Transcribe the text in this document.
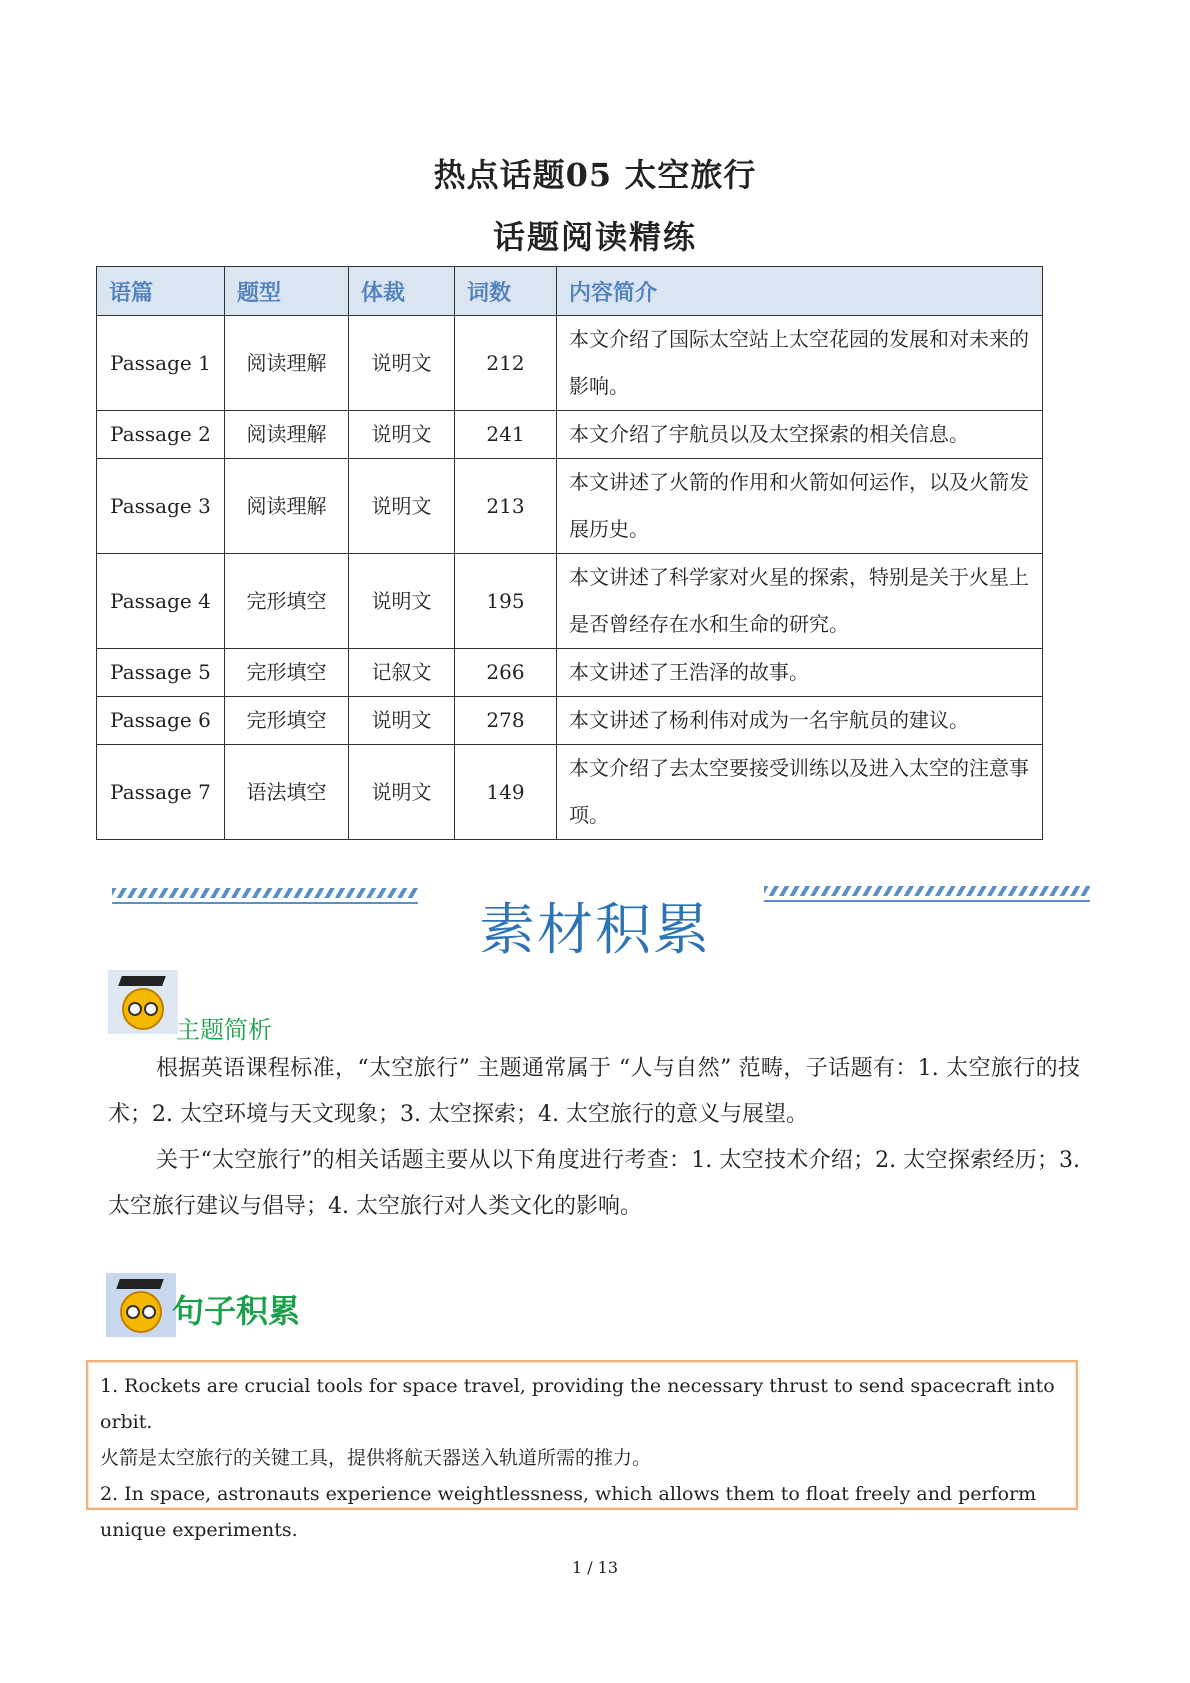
热点话题05 太空旅行
话题阅读精练
语篇	题型	体裁	词数	内容简介
Passage 1	阅读理解	说明文	212	本文介绍了国际太空站上太空花园的发展和对未来的影响。
Passage 2	阅读理解	说明文	241	本文介绍了宇航员以及太空探索的相关信息。
Passage 3	阅读理解	说明文	213	本文讲述了火箭的作用和火箭如何运作，以及火箭发展历史。
Passage 4	完形填空	说明文	195	本文讲述了科学家对火星的探索，特别是关于火星上是否曾经存在水和生命的研究。
Passage 5	完形填空	记叙文	266	本文讲述了王浩泽的故事。
Passage 6	完形填空	说明文	278	本文讲述了杨利伟对成为一名宇航员的建议。
Passage 7	语法填空	说明文	149	本文介绍了去太空要接受训练以及进入太空的注意事项。
素材积累
主题简析
根据英语课程标准，“太空旅行” 主题通常属于 “人与自然” 范畴，子话题有：1. 太空旅行的技术；2. 太空环境与天文现象；3. 太空探索；4. 太空旅行的意义与展望。
关于“太空旅行”的相关话题主要从以下角度进行考查：1. 太空技术介绍；2. 太空探索经历；3. 太空旅行建议与倡导；4. 太空旅行对人类文化的影响。
句子积累
1. Rockets are crucial tools for space travel, providing the necessary thrust to send spacecraft into orbit.
火箭是太空旅行的关键工具，提供将航天器送入轨道所需的推力。
2. In space, astronauts experience weightlessness, which allows them to float freely and perform unique experiments.
1 / 13
